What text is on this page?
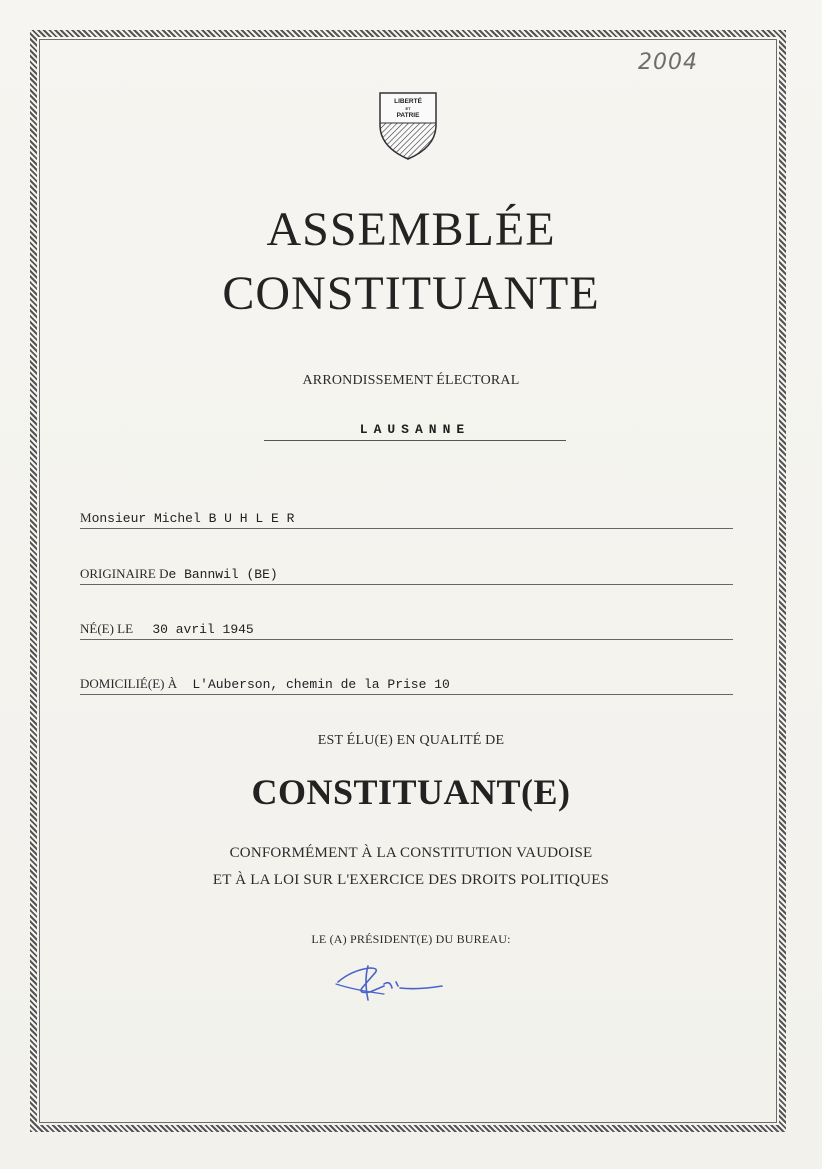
2004
LIBERTÉ
ET
PATRIE
ASSEMBLÉE
CONSTITUANTE
ARRONDISSEMENT ÉLECTORAL
LAUSANNE
Monsieur Michel B U H L E R
ORIGINAIRE De Bannwil (BE)
NÉ(E) LE 30 avril 1945
DOMICILIÉ(E) À L'Auberson, chemin de la Prise 10
EST ÉLU(E) EN QUALITÉ DE
CONSTITUANT(E)
CONFORMÉMENT À LA CONSTITUTION VAUDOISE
ET À LA LOI SUR L'EXERCICE DES DROITS POLITIQUES
LE (A) PRÉSIDENT(E) DU BUREAU:
